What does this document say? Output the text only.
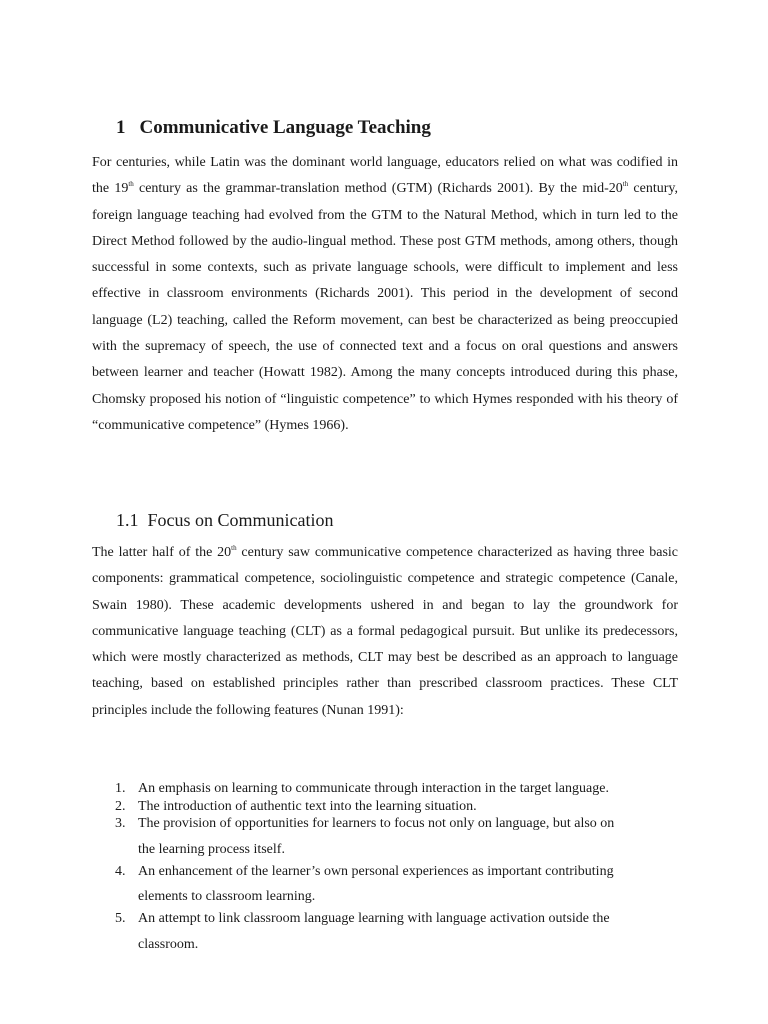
1 Communicative Language Teaching

For centuries, while Latin was the dominant world language, educators relied on what was codified in the 19th century as the grammar-translation method (GTM) (Richards 2001). By the mid-20th century, foreign language teaching had evolved from the GTM to the Natural Method, which in turn led to the Direct Method followed by the audio-lingual method. These post GTM methods, among others, though successful in some contexts, such as private language schools, were difficult to implement and less effective in classroom environments (Richards 2001). This period in the development of second language (L2) teaching, called the Reform movement, can best be characterized as being preoccupied with the supremacy of speech, the use of connected text and a focus on oral questions and answers between learner and teacher (Howatt 1982). Among the many concepts introduced during this phase, Chomsky proposed his notion of “linguistic competence” to which Hymes responded with his theory of “communicative competence” (Hymes 1966).

1.1 Focus on Communication

The latter half of the 20th century saw communicative competence characterized as having three basic components: grammatical competence, sociolinguistic competence and strategic competence (Canale, Swain 1980). These academic developments ushered in and began to lay the groundwork for communicative language teaching (CLT) as a formal pedagogical pursuit. But unlike its predecessors, which were mostly characterized as methods, CLT may best be described as an approach to language teaching, based on established principles rather than prescribed classroom practices. These CLT principles include the following features (Nunan 1991):

1. An emphasis on learning to communicate through interaction in the target language.
2. The introduction of authentic text into the learning situation.
3. The provision of opportunities for learners to focus not only on language, but also on
the learning process itself.
4. An enhancement of the learner’s own personal experiences as important contributing
elements to classroom learning.
5. An attempt to link classroom language learning with language activation outside the
classroom.
